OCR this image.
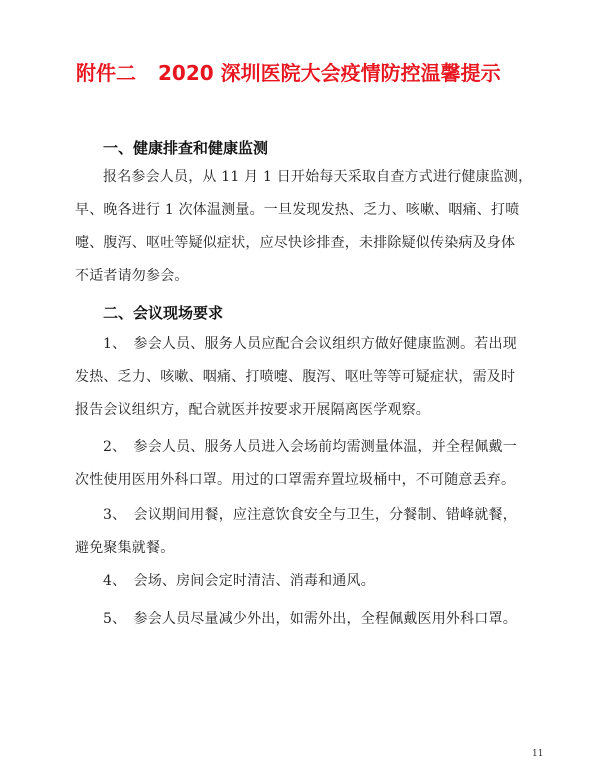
附件二 2020 深圳医院大会疫情防控温馨提示
一、健康排查和健康监测
报名参会人员，从 11 月 1 日开始每天采取自查方式进行健康监测，
早、晚各进行 1 次体温测量。一旦发现发热、乏力、咳嗽、咽痛、打喷
嚏、腹泻、呕吐等疑似症状，应尽快诊排查，未排除疑似传染病及身体
不适者请勿参会。
二、会议现场要求
1、　参会人员、服务人员应配合会议组织方做好健康监测。若出现
发热、乏力、咳嗽、咽痛、打喷嚏、腹泻、呕吐等等可疑症状，需及时
报告会议组织方，配合就医并按要求开展隔离医学观察。
2、　参会人员、服务人员进入会场前均需测量体温，并全程佩戴一
次性使用医用外科口罩。用过的口罩需弃置垃圾桶中，不可随意丢弃。
3、　会议期间用餐，应注意饮食安全与卫生，分餐制、错峰就餐，
避免聚集就餐。
4、　会场、房间会定时清洁、消毒和通风。
5、　参会人员尽量减少外出，如需外出，全程佩戴医用外科口罩。
11
